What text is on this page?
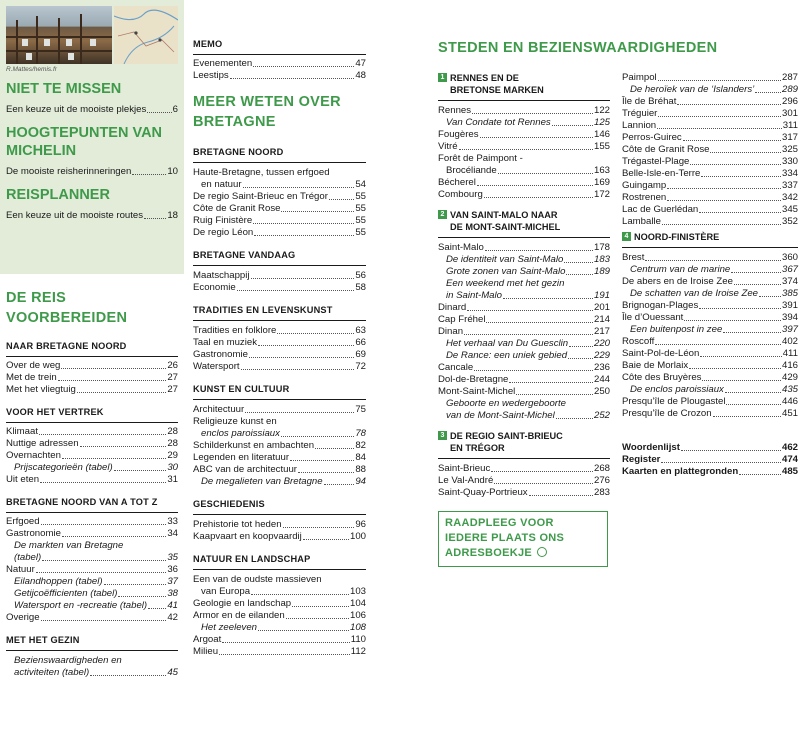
R.Mattes/hemis.fr
NIET TE MISSEN
Een keuze uit de mooiste plekjes	6
HOOGTEPUNTEN VAN
MICHELIN
De mooiste reisherinneringen	10
REISPLANNER
Een keuze uit de mooiste routes	18
DE REIS
VOORBEREIDEN
NAAR BRETAGNE NOORD
Over de weg	26
Met de trein	27
Met het vliegtuig	27
VOOR HET VERTREK
Klimaat	28
Nuttige adressen	28
Overnachten	29
Prijscategorieën (tabel)	30
Uit eten	31
BRETAGNE NOORD VAN A TOT Z
Erfgoed	33
Gastronomie	34
De markten van Bretagne
(tabel)	35
Natuur	36
Eilandhoppen (tabel)	37
Getijcoëfficienten (tabel)	38
Watersport en -recreatie (tabel) 41
Overige	42
MET HET GEZIN
Bezienswaardigheden en
activiteiten (tabel)	45
MEMO
Evenementen	47
Leestips	48
MEER WETEN OVER
BRETAGNE
BRETAGNE NOORD
Haute-Bretagne, tussen erfgoed
en natuur	54
De regio Saint-Brieuc en Trégor	55
Côte de Granit Rose	55
Ruig Finistère	55
De regio Léon	55
BRETAGNE VANDAAG
Maatschappij	56
Economie	58
TRADITIES EN LEVENSKUNST
Tradities en folklore	63
Taal en muziek	66
Gastronomie	69
Watersport	72
KUNST EN CULTUUR
Architectuur	75
Religieuze kunst en
enclos paroissiaux	78
Schilderkunst en ambachten	82
Legenden en literatuur	84
ABC van de architectuur	88
De megalieten van Bretagne	94
GESCHIEDENIS
Prehistorie tot heden	96
Kaapvaart en koopvaardij	100
NATUUR EN LANDSCHAP
Een van de oudste massieven
van Europa	103
Geologie en landschap	104
Armor en de eilanden	106
Het zeeleven	108
Argoat	110
Milieu	112
STEDEN EN BEZIENSWAARDIGHEDEN
1 RENNES EN DE
BRETONSE MARKEN
Rennes	122
Van Condate tot Rennes	125
Fougères	146
Vitré	155
Forêt de Paimpont -
Brocéliande	163
Bécherel	169
Combourg	172
2 VAN SAINT-MALO NAAR
DE MONT-SAINT-MICHEL
Saint-Malo	178
De identiteit van Saint-Malo	183
Grote zonen van Saint-Malo	189
Een weekend met het gezin
in Saint-Malo	191
Dinard	201
Cap Fréhel	214
Dinan	217
Het verhaal van Du Guesclin	220
De Rance: een uniek gebied	229
Cancale	236
Dol-de-Bretagne	244
Mont-Saint-Michel	250
Geboorte en wedergeboorte
van de Mont-Saint-Michel	252
3 DE REGIO SAINT-BRIEUC
EN TRÉGOR
Saint-Brieuc	268
Le Val-André	276
Saint-Quay-Portrieux	283
RAADPLEEG VOOR
IEDERE PLAATS ONS
ADRESBOEKJE
Paimpol	287
De heroïek van de ‘Islanders’	289
Île de Bréhat	296
Tréguier	301
Lannion	311
Perros-Guirec	317
Côte de Granit Rose	325
Trégastel-Plage	330
Belle-Isle-en-Terre	334
Guingamp	337
Rostrenen	342
Lac de Guerlédan	345
Lamballe	352
4 NOORD-FINISTÈRE
Brest	360
Centrum van de marine	367
De abers en de Iroise Zee	374
De schatten van de Iroise Zee 385
Brignogan-Plages	391
Île d’Ouessant	394
Een buitenpost in zee	397
Roscoff	402
Saint-Pol-de-Léon	411
Baie de Morlaix	416
Côte des Bruyères	429
De enclos paroissiaux	435
Presqu’île de Plougastel	446
Presqu’île de Crozon	451
Woordenlijst	462
Register	474
Kaarten en plattegronden	485
